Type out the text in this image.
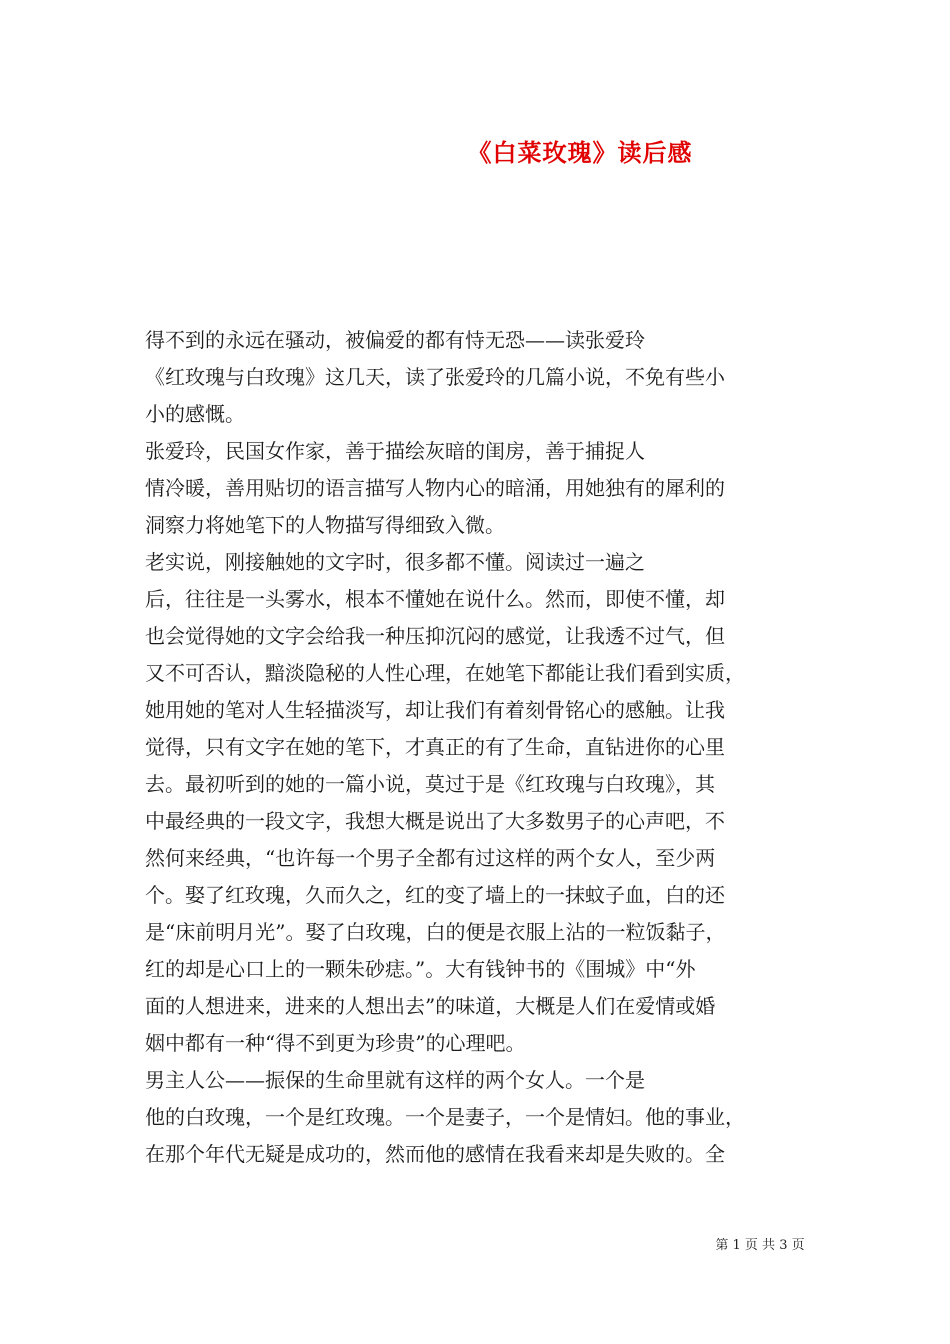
《白菜玫瑰》读后感
得不到的永远在骚动，被偏爱的都有恃无恐——读张爱玲
《红玫瑰与白玫瑰》这几天，读了张爱玲的几篇小说，不免有些小
小的感慨。
张爱玲，民国女作家，善于描绘灰暗的闺房，善于捕捉人
情冷暖，善用贴切的语言描写人物内心的暗涌，用她独有的犀利的
洞察力将她笔下的人物描写得细致入微。
老实说，刚接触她的文字时，很多都不懂。阅读过一遍之
后，往往是一头雾水，根本不懂她在说什么。然而，即使不懂，却
也会觉得她的文字会给我一种压抑沉闷的感觉，让我透不过气，但
又不可否认，黯淡隐秘的人性心理，在她笔下都能让我们看到实质，
她用她的笔对人生轻描淡写，却让我们有着刻骨铭心的感触。让我
觉得，只有文字在她的笔下，才真正的有了生命，直钻进你的心里
去。最初听到的她的一篇小说，莫过于是《红玫瑰与白玫瑰》，其
中最经典的一段文字，我想大概是说出了大多数男子的心声吧，不
然何来经典，“也许每一个男子全都有过这样的两个女人，至少两
个。娶了红玫瑰，久而久之，红的变了墙上的一抹蚊子血，白的还
是“床前明月光”。娶了白玫瑰，白的便是衣服上沾的一粒饭黏子，
红的却是心口上的一颗朱砂痣。”。大有钱钟书的《围城》中“外
面的人想进来，进来的人想出去”的味道，大概是人们在爱情或婚
姻中都有一种“得不到更为珍贵”的心理吧。
男主人公——振保的生命里就有这样的两个女人。一个是
他的白玫瑰，一个是红玫瑰。一个是妻子，一个是情妇。他的事业，
在那个年代无疑是成功的，然而他的感情在我看来却是失败的。全
第 1 页 共 3 页
